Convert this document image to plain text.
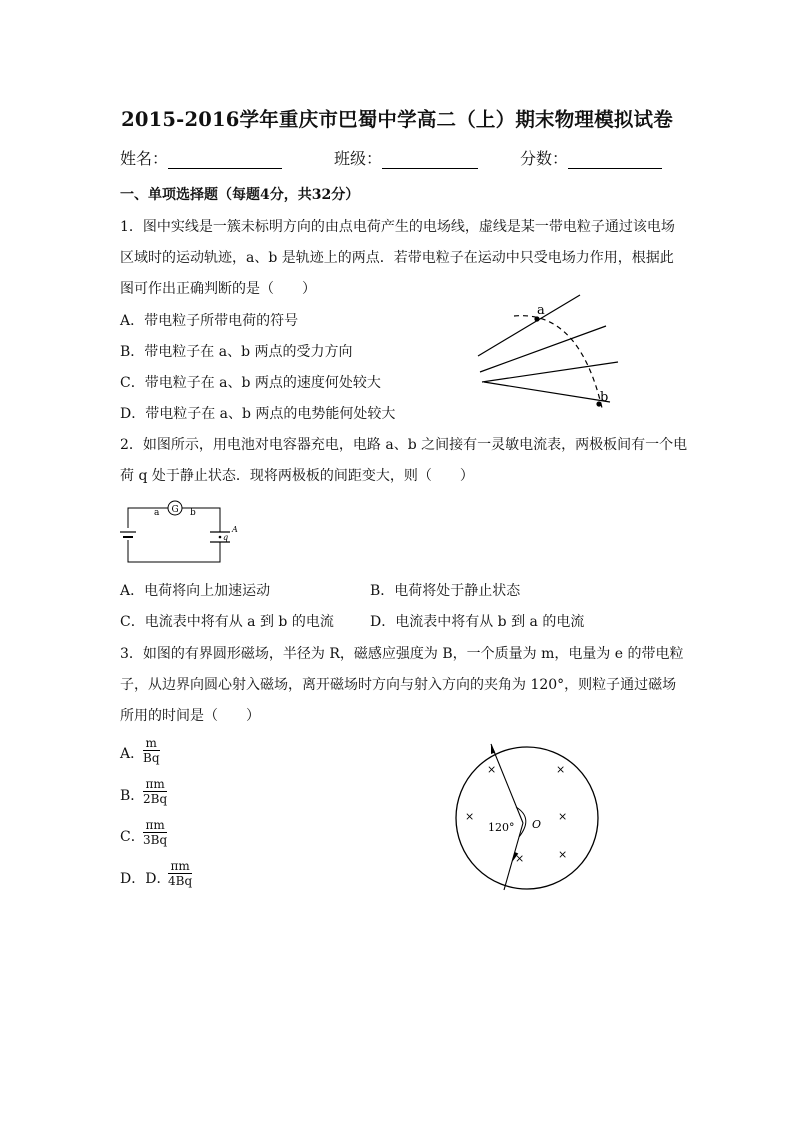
2015-2016学年重庆市巴蜀中学高二（上）期末物理模拟试卷
姓名：	班级：	分数：
一、单项选择题（每题4分，共32分）
1．图中实线是一簇未标明方向的由点电荷产生的电场线，虚线是某一带电粒子通过该电场
区域时的运动轨迹，a、b 是轨迹上的两点．若带电粒子在运动中只受电场力作用，根据此
图可作出正确判断的是（　　）
A．带电粒子所带电荷的符号
B．带电粒子在 a、b 两点的受力方向
C．带电粒子在 a、b 两点的速度何处较大
D．带电粒子在 a、b 两点的电势能何处较大
a
b
2．如图所示，用电池对电容器充电，电路 a、b 之间接有一灵敏电流表，两极板间有一个电
荷 q 处于静止状态．现将两极板的间距变大，则（　　）
G
a	b
q
A
A．电荷将向上加速运动	B．电荷将处于静止状态
C．电流表中将有从 a 到 b 的电流	D．电流表中将有从 b 到 a 的电流
3．如图的有界圆形磁场，半径为 R，磁感应强度为 B，一个质量为 m，电量为 e 的带电粒
子，从边界向圆心射入磁场，离开磁场时方向与射入方向的夹角为 120°，则粒子通过磁场
所用的时间是（　　）
A．
$\frac{m}{Bq}$
B．
$\frac{\pi m}{2Bq}$
C．
$\frac{\pi m}{3Bq}$
D．D．
$\frac{\pi m}{4Bq}$
120° O
×	×
×	×
×	×
